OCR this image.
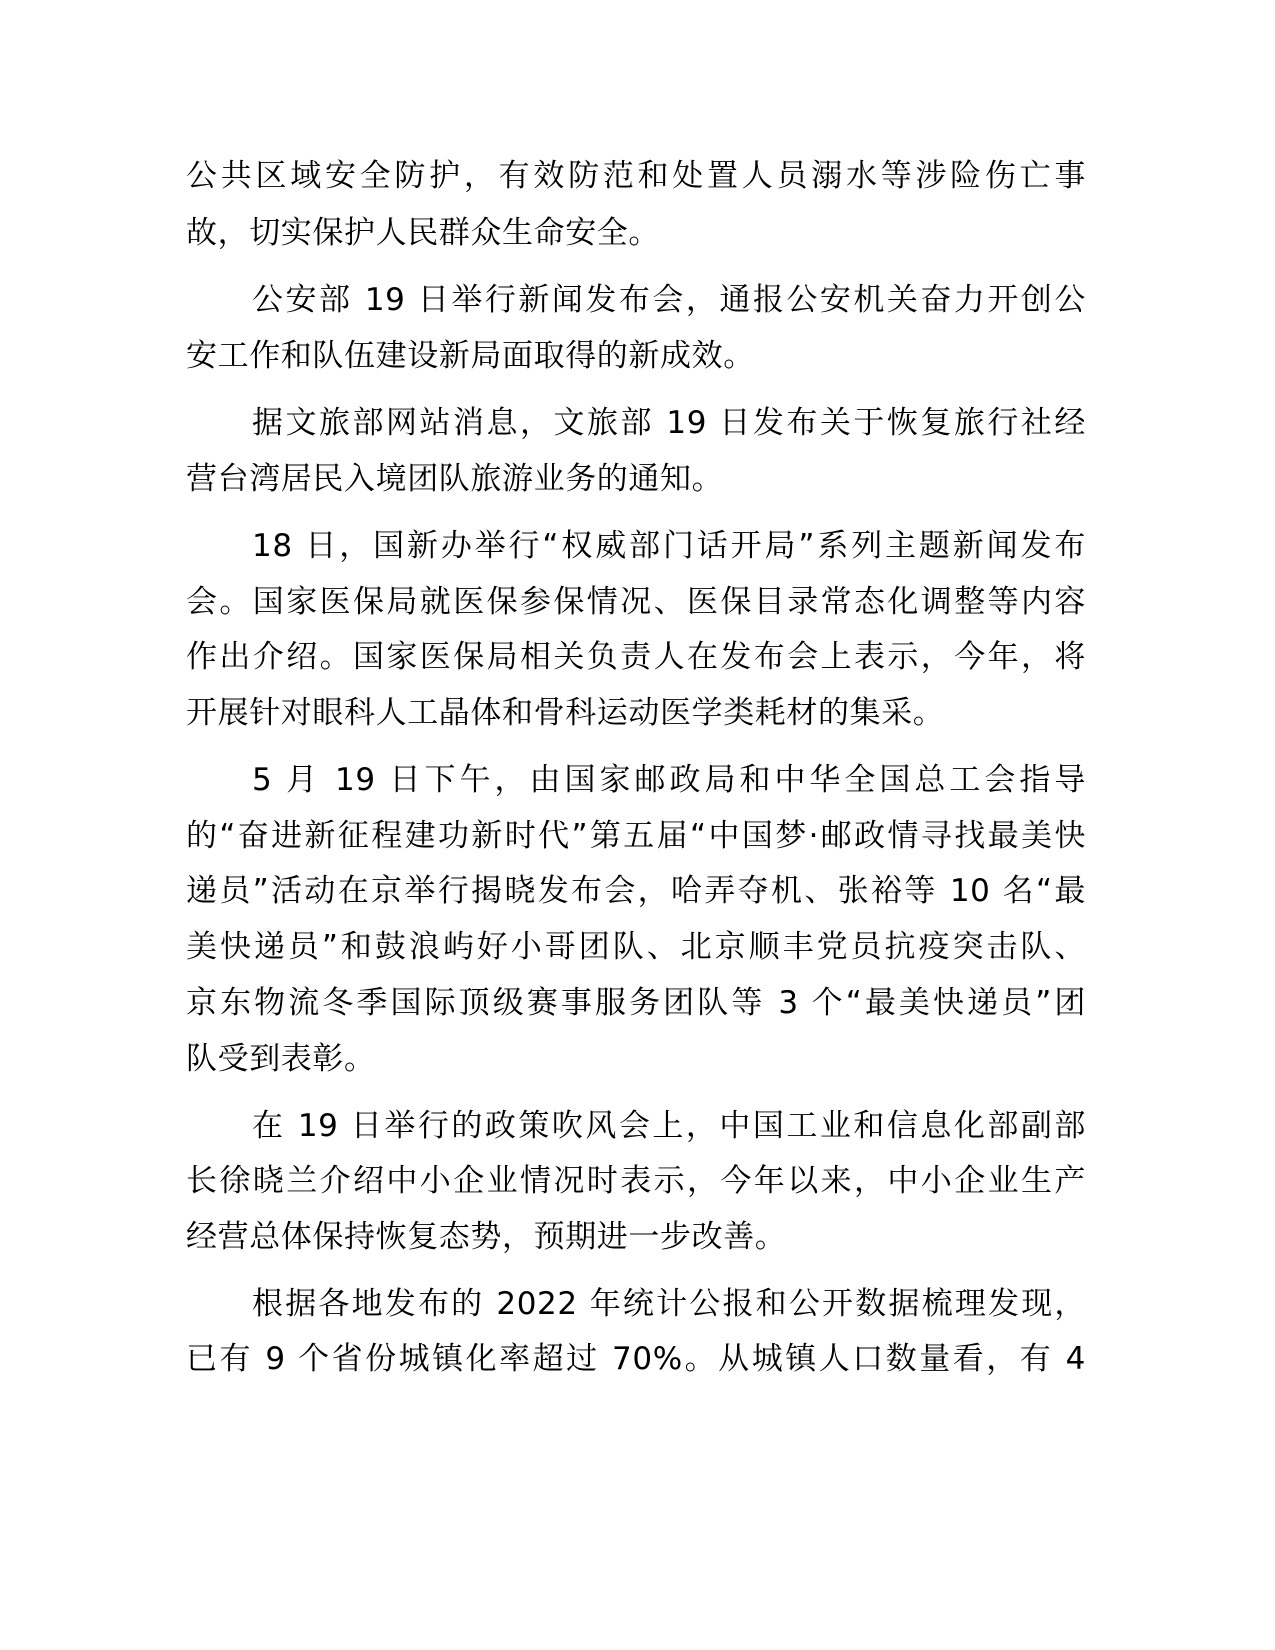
公共区域安全防护，有效防范和处置人员溺水等涉险伤亡事
故，切实保护人民群众生命安全。
公安部 19 日举行新闻发布会，通报公安机关奋力开创公
安工作和队伍建设新局面取得的新成效。
据文旅部网站消息，文旅部 19 日发布关于恢复旅行社经
营台湾居民入境团队旅游业务的通知。
18 日，国新办举行“权威部门话开局”系列主题新闻发布
会。国家医保局就医保参保情况、医保目录常态化调整等内容
作出介绍。国家医保局相关负责人在发布会上表示，今年，将
开展针对眼科人工晶体和骨科运动医学类耗材的集采。
5 月 19 日下午，由国家邮政局和中华全国总工会指导
的“奋进新征程建功新时代”第五届“中国梦·邮政情寻找最美快
递员”活动在京举行揭晓发布会，哈弄夺机、张裕等 10 名“最
美快递员”和鼓浪屿好小哥团队、北京顺丰党员抗疫突击队、
京东物流冬季国际顶级赛事服务团队等 3 个“最美快递员”团
队受到表彰。
在 19 日举行的政策吹风会上，中国工业和信息化部副部
长徐晓兰介绍中小企业情况时表示，今年以来，中小企业生产
经营总体保持恢复态势，预期进一步改善。
根据各地发布的 2022 年统计公报和公开数据梳理发现，
已有 9 个省份城镇化率超过 70%。从城镇人口数量看，有 4
